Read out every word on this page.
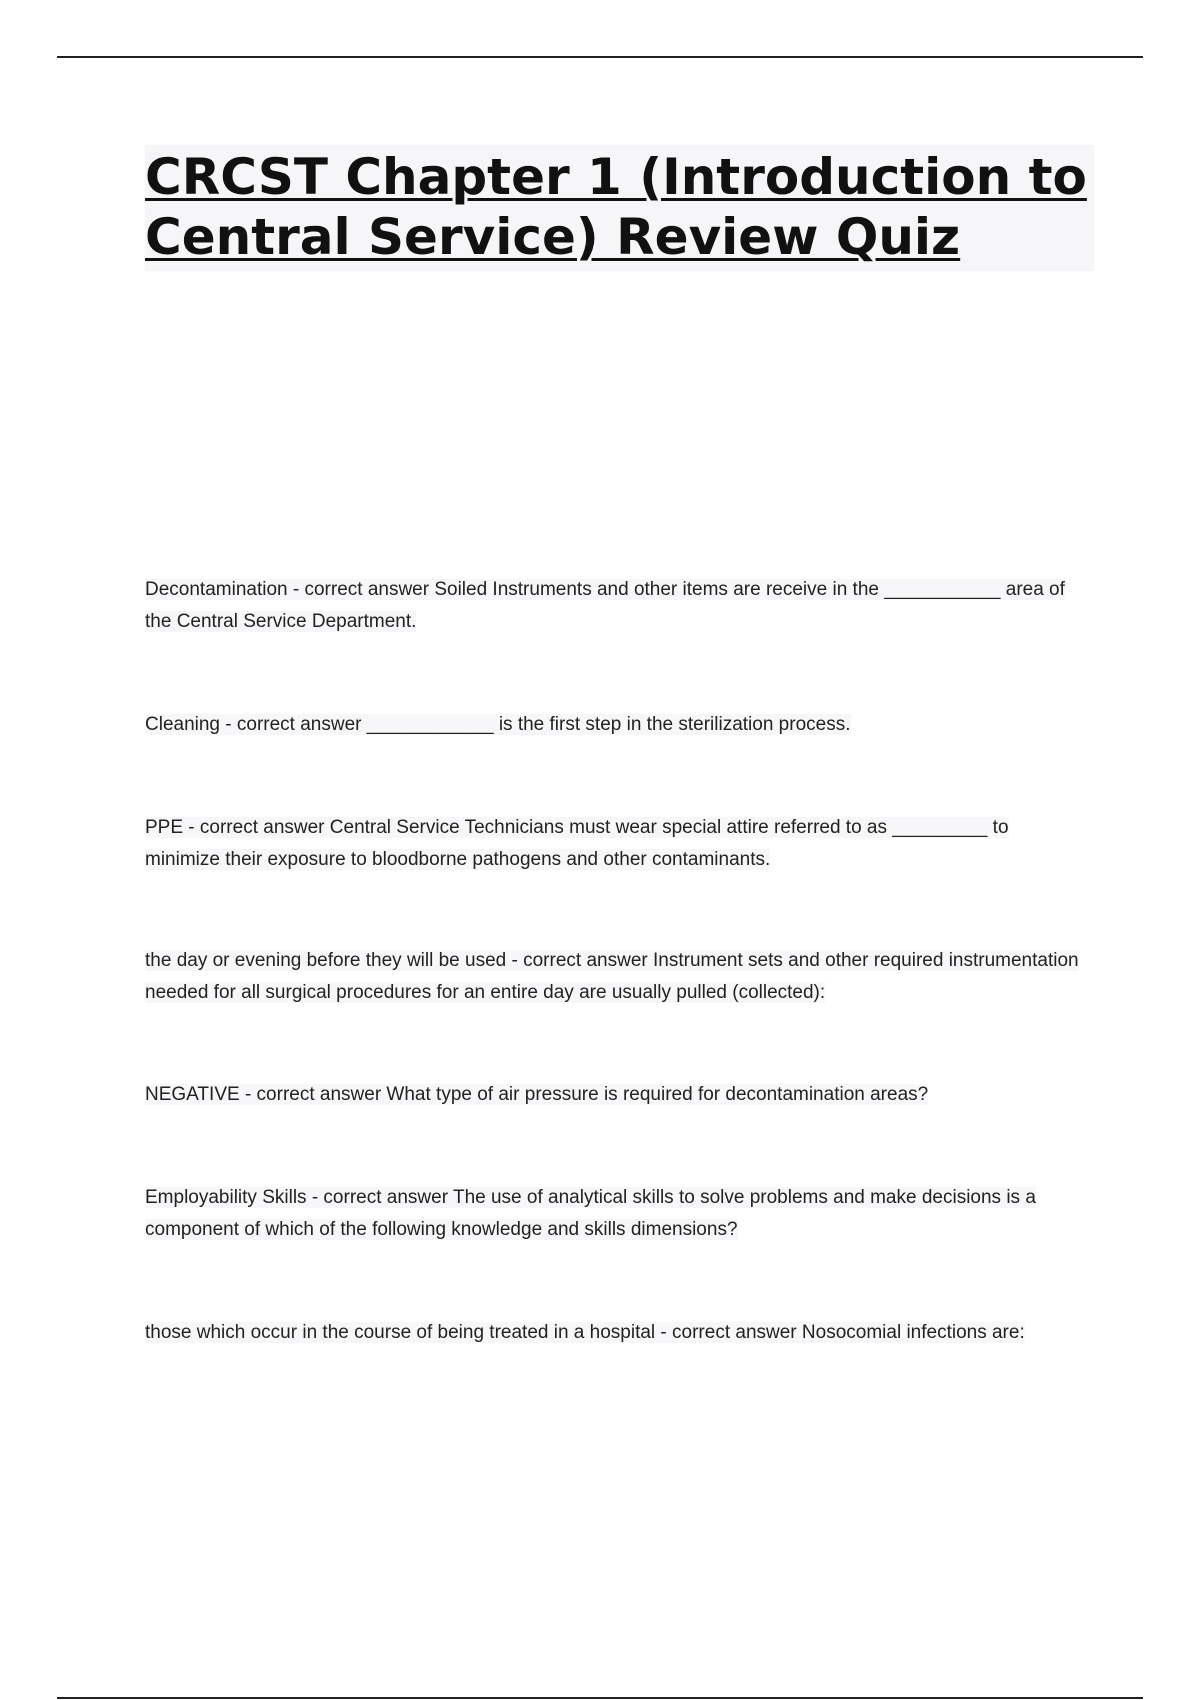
CRCST Chapter 1 (Introduction to Central Service) Review Quiz
Decontamination - correct answer Soiled Instruments and other items are receive in the ___________ area of the Central Service Department.
Cleaning - correct answer ____________ is the first step in the sterilization process.
PPE - correct answer Central Service Technicians must wear special attire referred to as _________ to minimize their exposure to bloodborne pathogens and other contaminants.
the day or evening before they will be used - correct answer Instrument sets and other required instrumentation needed for all surgical procedures for an entire day are usually pulled (collected):
NEGATIVE - correct answer What type of air pressure is required for decontamination areas?
Employability Skills - correct answer The use of analytical skills to solve problems and make decisions is a component of which of the following knowledge and skills dimensions?
those which occur in the course of being treated in a hospital - correct answer Nosocomial infections are:
